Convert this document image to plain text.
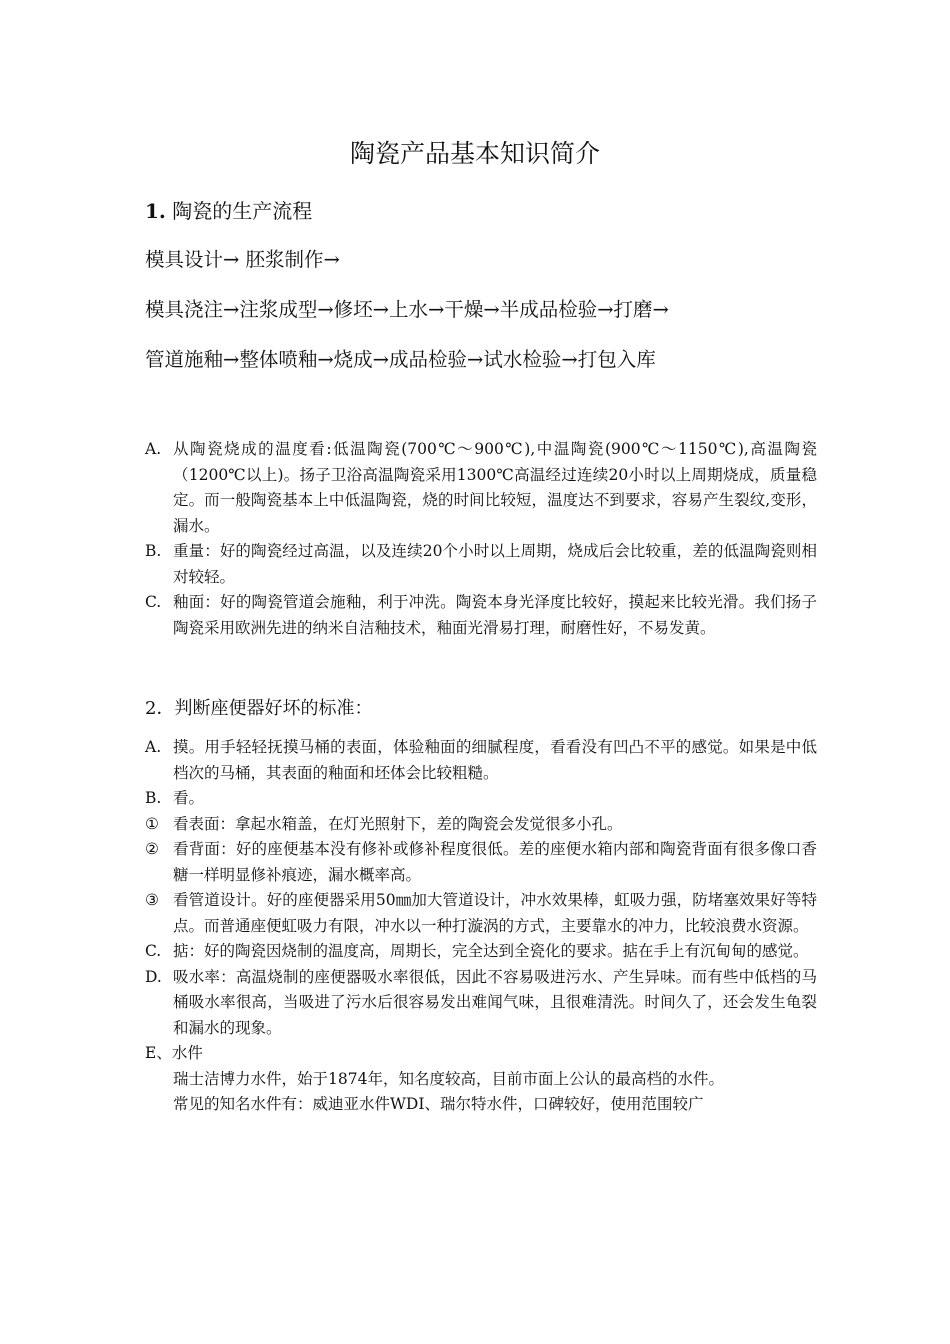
陶瓷产品基本知识简介
1. 陶瓷的生产流程
模具设计→ 胚浆制作→
模具浇注→注浆成型→修坯→上水→干燥→半成品检验→打磨→
管道施釉→整体喷釉→烧成→成品检验→试水检验→打包入库
A. 从陶瓷烧成的温度看:低温陶瓷(700℃～900℃),中温陶瓷(900℃～1150℃),高温陶瓷（1200℃以上)。扬子卫浴高温陶瓷采用1300℃高温经过连续20小时以上周期烧成，质量稳定。而一般陶瓷基本上中低温陶瓷，烧的时间比较短，温度达不到要求，容易产生裂纹,变形，漏水。
B. 重量：好的陶瓷经过高温，以及连续20个小时以上周期，烧成后会比较重，差的低温陶瓷则相对较轻。
C. 釉面：好的陶瓷管道会施釉，利于冲洗。陶瓷本身光泽度比较好，摸起来比较光滑。我们扬子陶瓷采用欧洲先进的纳米自洁釉技术，釉面光滑易打理，耐磨性好，不易发黄。
2．判断座便器好坏的标准：
A. 摸。用手轻轻抚摸马桶的表面，体验釉面的细腻程度，看看没有凹凸不平的感觉。如果是中低档次的马桶，其表面的釉面和坯体会比较粗糙。
B. 看。
① 看表面：拿起水箱盖，在灯光照射下，差的陶瓷会发觉很多小孔。
② 看背面：好的座便基本没有修补或修补程度很低。差的座便水箱内部和陶瓷背面有很多像口香糖一样明显修补痕迹，漏水概率高。
③ 看管道设计。好的座便器采用50㎜加大管道设计，冲水效果棒，虹吸力强，防堵塞效果好等特点。而普通座便虹吸力有限，冲水以一种打漩涡的方式，主要靠水的冲力，比较浪费水资源。
C. 掂：好的陶瓷因烧制的温度高，周期长，完全达到全瓷化的要求。掂在手上有沉甸甸的感觉。
D. 吸水率：高温烧制的座便器吸水率很低，因此不容易吸进污水、产生异味。而有些中低档的马桶吸水率很高，当吸进了污水后很容易发出难闻气味，且很难清洗。时间久了，还会发生龟裂和漏水的现象。
E、水件
瑞士洁博力水件，始于1874年，知名度较高，目前市面上公认的最高档的水件。
常见的知名水件有：威迪亚水件WDI、瑞尔特水件，口碑较好，使用范围较广
